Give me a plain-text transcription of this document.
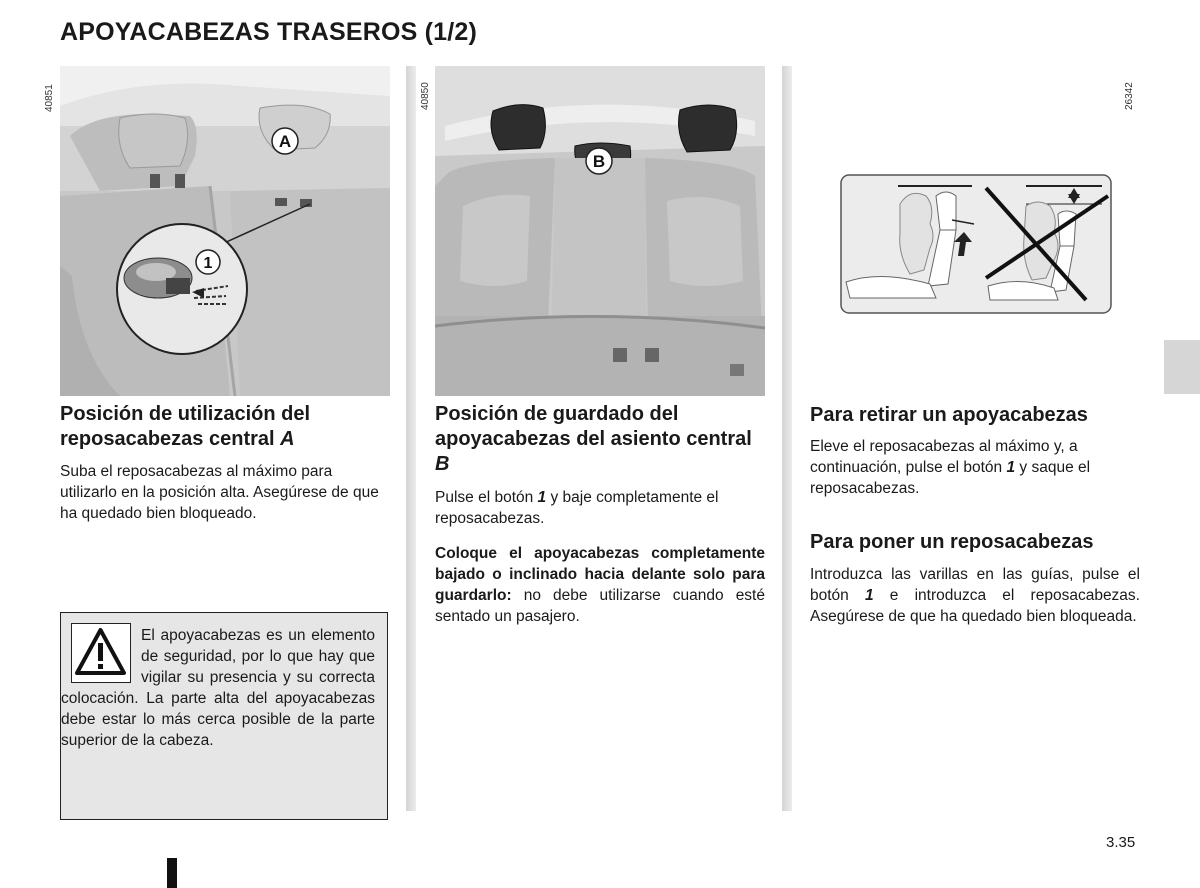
APOYACABEZAS TRASEROS (1/2)
A
1
40851
B
40850	26342
Posición de utilización del reposacabezas central A
Suba el reposacabezas al máximo para utilizarlo en la posición alta. Asegúrese de que ha quedado bien bloqueado.
El apoyacabezas es un elemento de seguridad, por lo que hay que vigilar su presencia y su correcta colocación. La parte alta del apoyacabezas debe estar lo más cerca posible de la parte superior de la cabeza.
Posición de guardado del apoyacabezas del asiento central B

Pulse el botón 1 y baje completamente el reposacabezas.

Coloque el apoyacabezas completamente bajado o inclinado hacia delante solo para guardarlo: no debe utilizarse cuando esté sentado un pasajero.

Para retirar un apoyacabezas

Eleve el reposacabezas al máximo y, a continuación, pulse el botón 1 y saque el reposacabezas.

Para poner un reposacabezas

Introduzca las varillas en las guías, pulse el botón 1 e introduzca el reposacabezas. Asegúrese de que ha quedado bien bloqueada.

3.35
